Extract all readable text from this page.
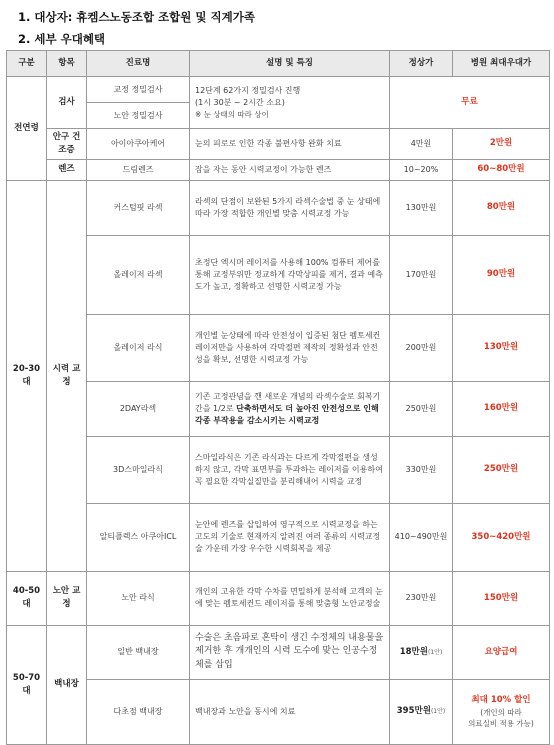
1. 대상자: 휴켐스노동조합 조합원 및 직계가족
2. 세부 우대혜택
구분	항목	진료명	설명 및 특징	정상가	병원 최대우대가
전연령	검사	교정 정밀검사	12단계 62가지 정밀검사 진행
(1시 30분 ~ 2시간 소요)
※ 눈 상태의 따라 상이	무료	
		노안 정밀검사			
	안구 건조증	아이아쿠아케어	눈의 피로로 인한 각종 불편사항 완화 치료	4만원	2만원
	렌즈	드림렌즈	잠을 자는 동안 시력교정이 가능한 렌즈	10~20%	60~80만원
20-30 대	시력 교정	커스텀핏 라섹	라섹의 단점이 보완된 5가지 라섹수술법 중 눈 상태에 따라 가장 적합한 개인별 맞춤 시력교정 가능	130만원	80만원
		올레이저 라섹	초정단 엑시머 레이저를 사용해 100% 컴퓨터 제어를 통해 교정부위만 정교하게 각막상피를 제거, 결과 예측도가 높고, 정확하고 선명한 시력교정 가능	170만원	90만원
		올레이저 라식	개인별 눈상태에 따라 안전성이 입증된 첨단 펨토세컨레이저만을 사용하여 각막절편 제작의 정확성과 안전성을 확보, 선명한 시력교정 가능	200만원	130만원
		2DAY라섹	기존 고정관념을 깬 새로운 개념의 라섹수술로 회복기간을 1/2로 단축하면서도 더 높아진 안전성으로 인해 각종 부작용을 감소시키는 시력교정	250만원	160만원
		3D스마일라식	스마일라식은 기존 라식과는 다르게 각막절편을 생성하지 않고, 각막 표면부를 투과하는 레이저를 이용하여 꼭 필요한 각막실질만을 분리해내어 시력을 교정	330만원	250만원
		알티플렉스 아쿠아ICL	눈안에 렌즈를 삽입하여 영구적으로 시력교정을 하는 고도의 기술로 현재까지 알려진 여러 종류의 시력교정술 가운데 가장 우수한 시력회복을 제공	410~490만원	350~420만원
40-50 대	노안 교정	노안 라식	개인의 고유한 각막 수차를 면밀하게 분석해 고객의 눈에 맞는 펨토세컨드 레이저를 통해 맞춤형 노안교정술	230만원	150만원
50-70 대	백내장	일반 백내장	수술은 초음파로 혼탁이 생긴 수정체의 내용물을 제거한 후 개개인의 시력 도수에 맞는 인공수정체를 삽입	18만원(1안)	요양급여
		다초점 백내장	백내장과 노안을 동시에 치료	395만원(1안)	최대 10% 할인
(개인의 따라
의료실비 적용 가능)
